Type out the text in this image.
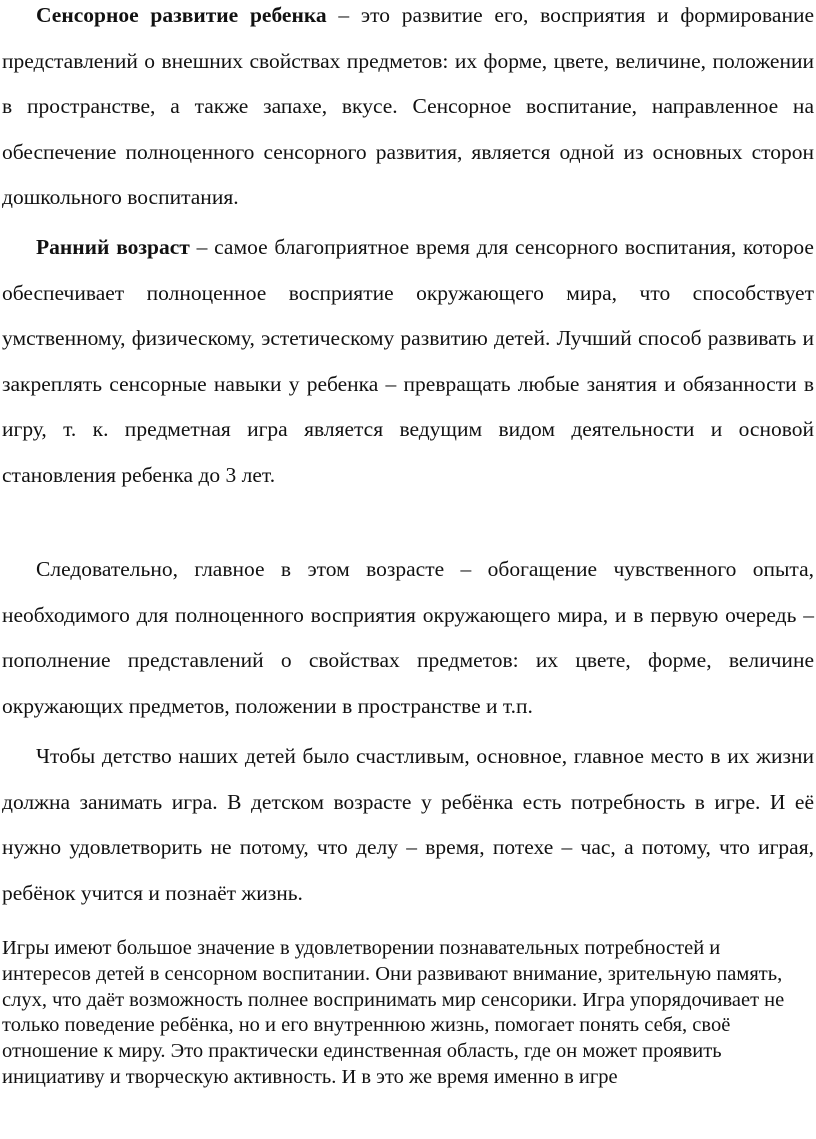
Сенсорное развитие ребенка – это развитие его, восприятия и формирование представлений о внешних свойствах предметов: их форме, цвете, величине, положении в пространстве, а также запахе, вкусе. Сенсорное воспитание, направленное на обеспечение полноценного сенсорного развития, является одной из основных сторон дошкольного воспитания.

Ранний возраст – самое благоприятное время для сенсорного воспитания, которое обеспечивает полноценное восприятие окружающего мира, что способствует умственному, физическому, эстетическому развитию детей. Лучший способ развивать и закреплять сенсорные навыки у ребенка – превращать любые занятия и обязанности в игру, т. к. предметная игра является ведущим видом деятельности и основой становления ребенка до 3 лет.

Следовательно, главное в этом возрасте – обогащение чувственного опыта, необходимого для полноценного восприятия окружающего мира, и в первую очередь – пополнение представлений о свойствах предметов: их цвете, форме, величине окружающих предметов, положении в пространстве и т.п.

Чтобы детство наших детей было счастливым, основное, главное место в их жизни должна занимать игра. В детском возрасте у ребёнка есть потребность в игре. И её нужно удовлетворить не потому, что делу – время, потехе – час, а потому, что играя, ребёнок учится и познаёт жизнь.

Игры имеют большое значение в удовлетворении познавательных потребностей и интересов детей в сенсорном воспитании. Они развивают внимание, зрительную память, слух, что даёт возможность полнее воспринимать мир сенсорики. Игра упорядочивает не только поведение ребёнка, но и его внутреннюю жизнь, помогает понять себя, своё отношение к миру. Это практически единственная область, где он может проявить инициативу и творческую активность. И в это же время именно в игре
